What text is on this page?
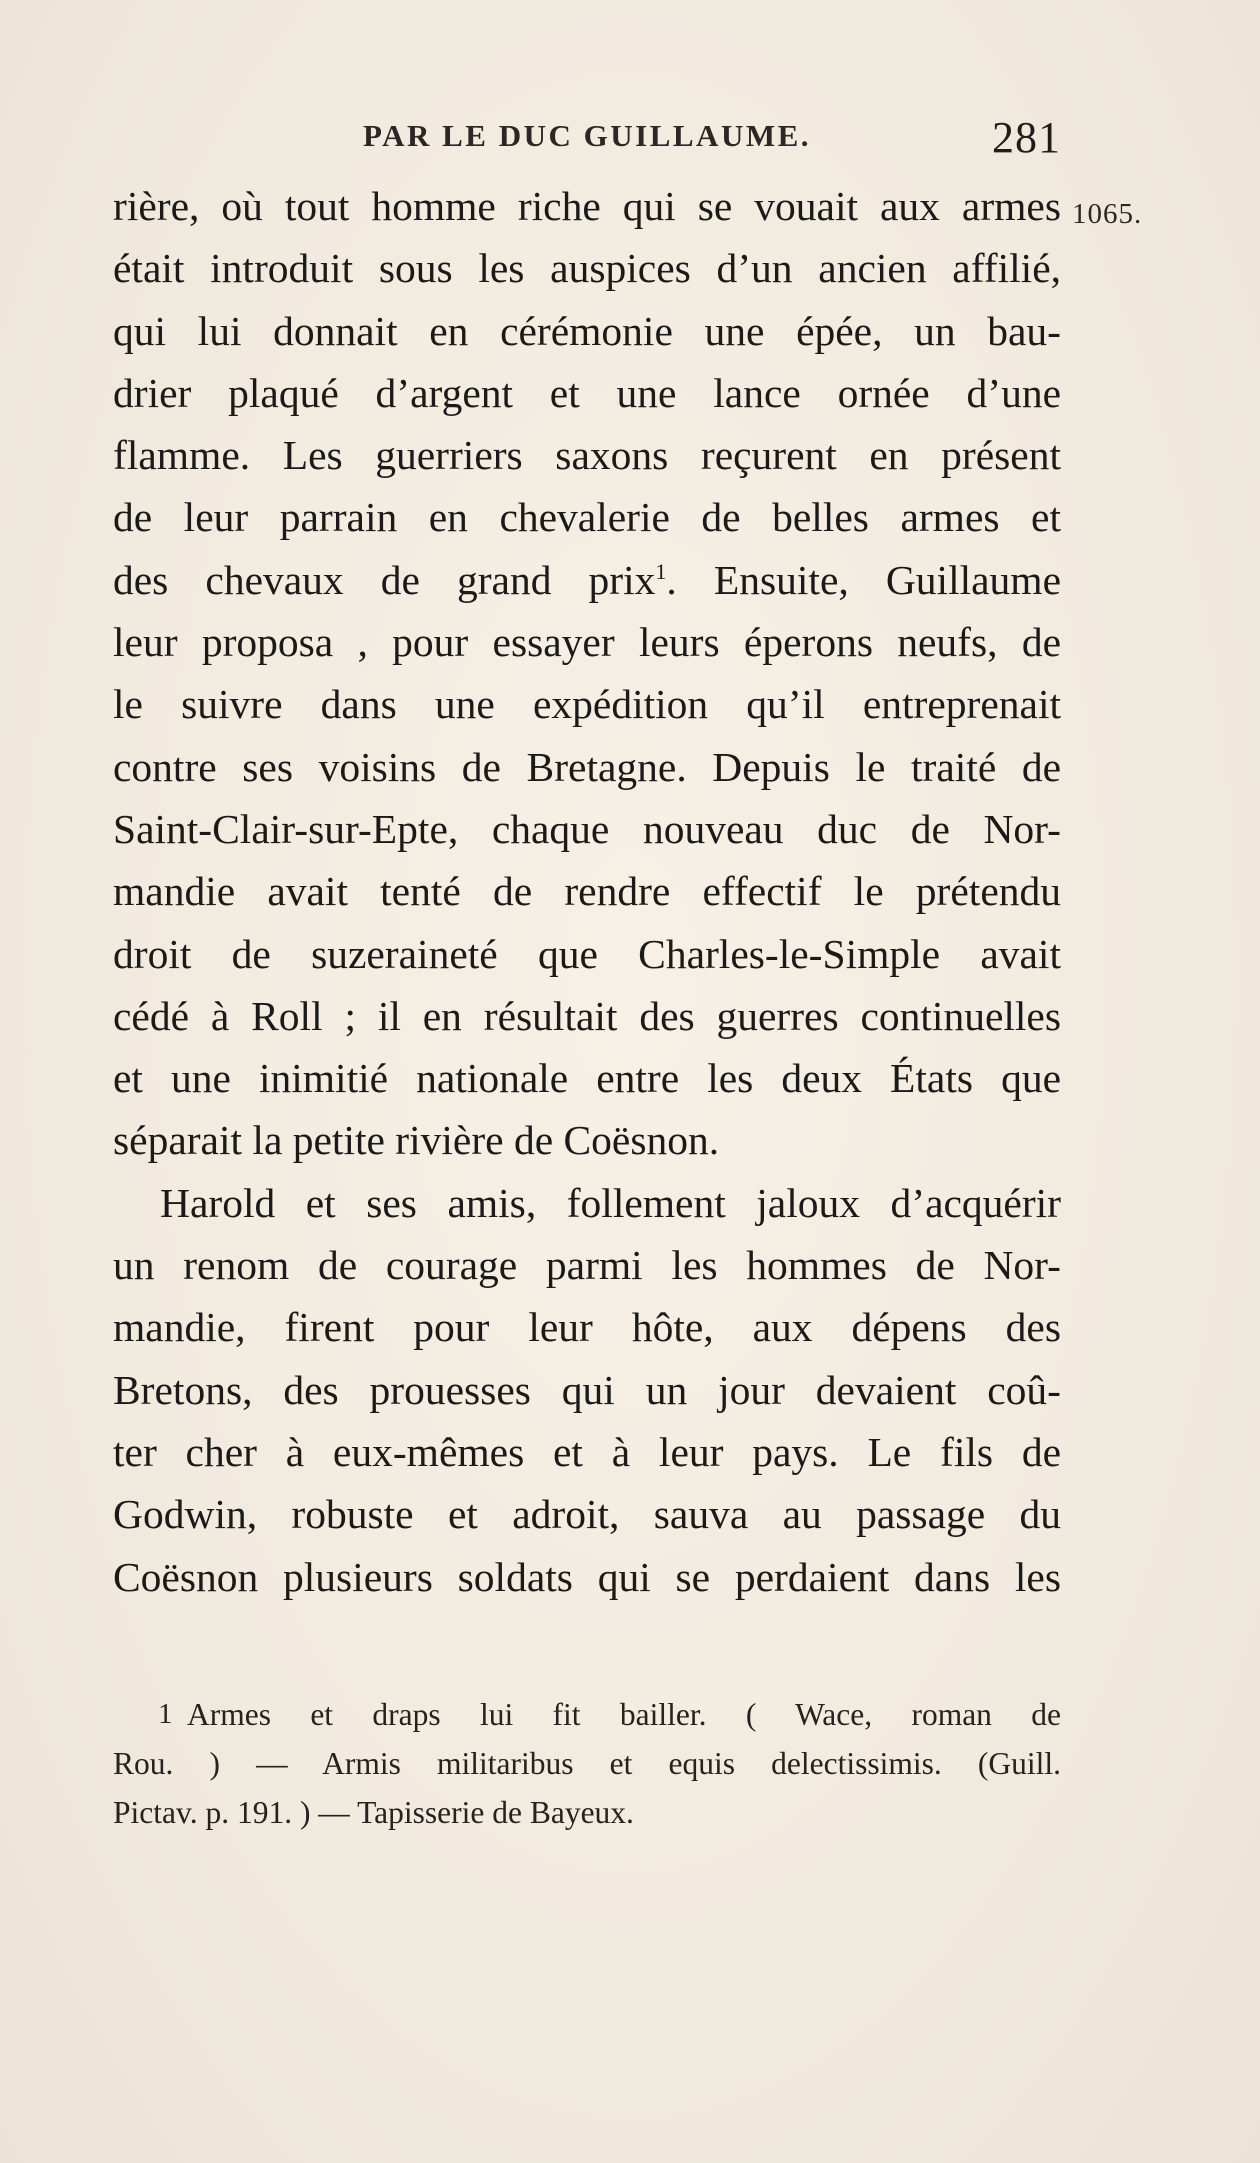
PAR LE DUC GUILLAUME.	281
1065.
rière, où tout homme riche qui se vouait aux armes
était introduit sous les auspices d’un ancien affilié,
qui lui donnait en cérémonie une épée, un bau-
drier plaqué d’argent et une lance ornée d’une
flamme. Les guerriers saxons reçurent en présent
de leur parrain en chevalerie de belles armes et
des chevaux de grand prix$^1$. Ensuite, Guillaume
leur proposa , pour essayer leurs éperons neufs, de
le suivre dans une expédition qu’il entreprenait
contre ses voisins de Bretagne. Depuis le traité de
Saint-Clair-sur-Epte, chaque nouveau duc de Nor-
mandie avait tenté de rendre effectif le prétendu
droit de suzeraineté que Charles-le-Simple avait
cédé à Roll ; il en résultait des guerres continuelles
et une inimitié nationale entre les deux États que
séparait la petite rivière de Coësnon.
Harold et ses amis, follement jaloux d’acquérir
un renom de courage parmi les hommes de Nor-
mandie, firent pour leur hôte, aux dépens des
Bretons, des prouesses qui un jour devaient coû-
ter cher à eux-mêmes et à leur pays. Le fils de
Godwin, robuste et adroit, sauva au passage du
Coësnon plusieurs soldats qui se perdaient dans les
1 Armes et draps lui fit bailler. ( Wace, roman de
Rou. ) — Armis militaribus et equis delectissimis. (Guill.
Pictav. p. 191. ) — Tapisserie de Bayeux.
